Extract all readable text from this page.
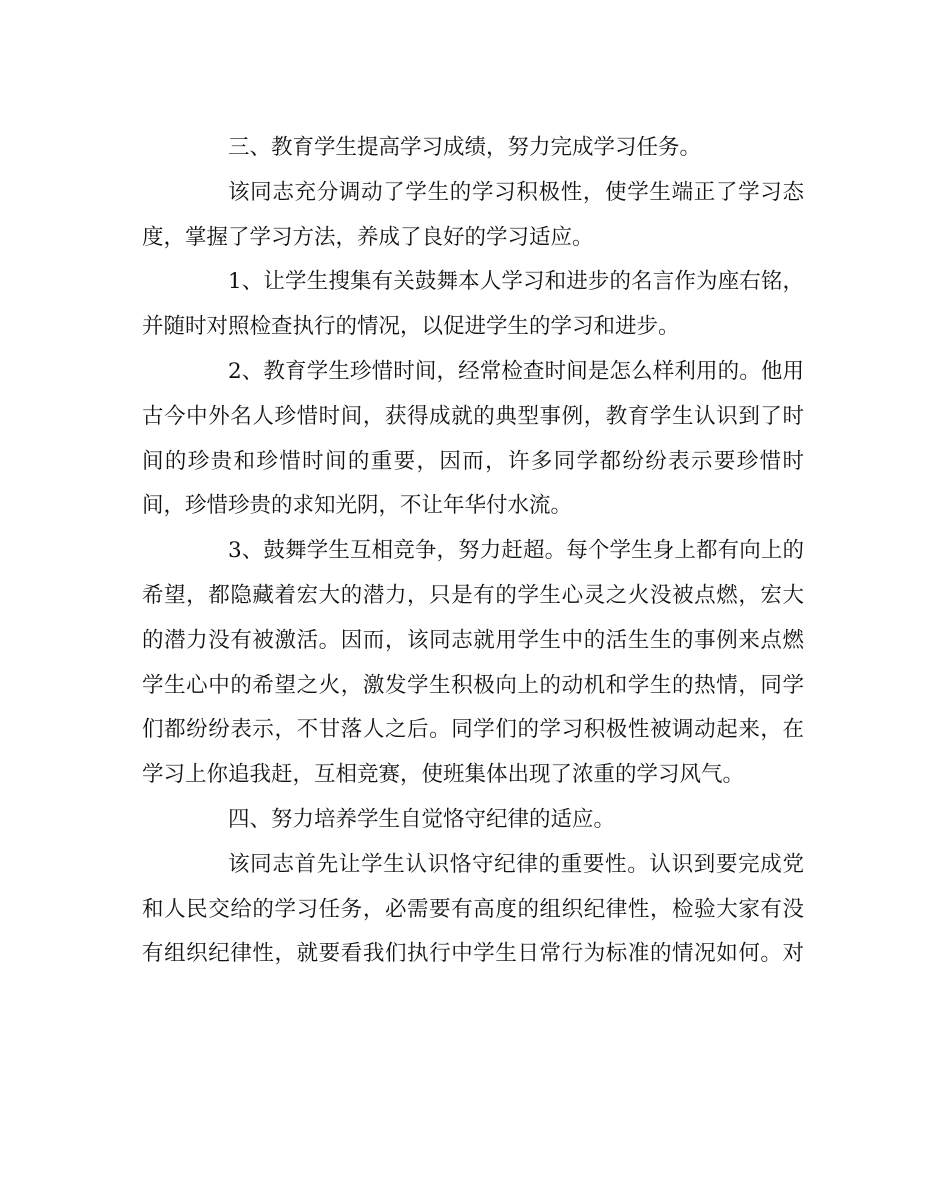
三、教育学生提高学习成绩，努力完成学习任务。
该同志充分调动了学生的学习积极性，使学生端正了学习态
度，掌握了学习方法，养成了良好的学习适应。
1、让学生搜集有关鼓舞本人学习和进步的名言作为座右铭，
并随时对照检查执行的情况，以促进学生的学习和进步。
2、教育学生珍惜时间，经常检查时间是怎么样利用的。他用
古今中外名人珍惜时间，获得成就的典型事例，教育学生认识到了时
间的珍贵和珍惜时间的重要，因而，许多同学都纷纷表示要珍惜时
间，珍惜珍贵的求知光阴，不让年华付水流。
3、鼓舞学生互相竞争，努力赶超。每个学生身上都有向上的
希望，都隐藏着宏大的潜力，只是有的学生心灵之火没被点燃，宏大
的潜力没有被激活。因而，该同志就用学生中的活生生的事例来点燃
学生心中的希望之火，激发学生积极向上的动机和学生的热情，同学
们都纷纷表示，不甘落人之后。同学们的学习积极性被调动起来，在
学习上你追我赶，互相竞赛，使班集体出现了浓重的学习风气。
四、努力培养学生自觉恪守纪律的适应。
该同志首先让学生认识恪守纪律的重要性。认识到要完成党
和人民交给的学习任务，必需要有高度的组织纪律性，检验大家有没
有组织纪律性，就要看我们执行中学生日常行为标准的情况如何。对
